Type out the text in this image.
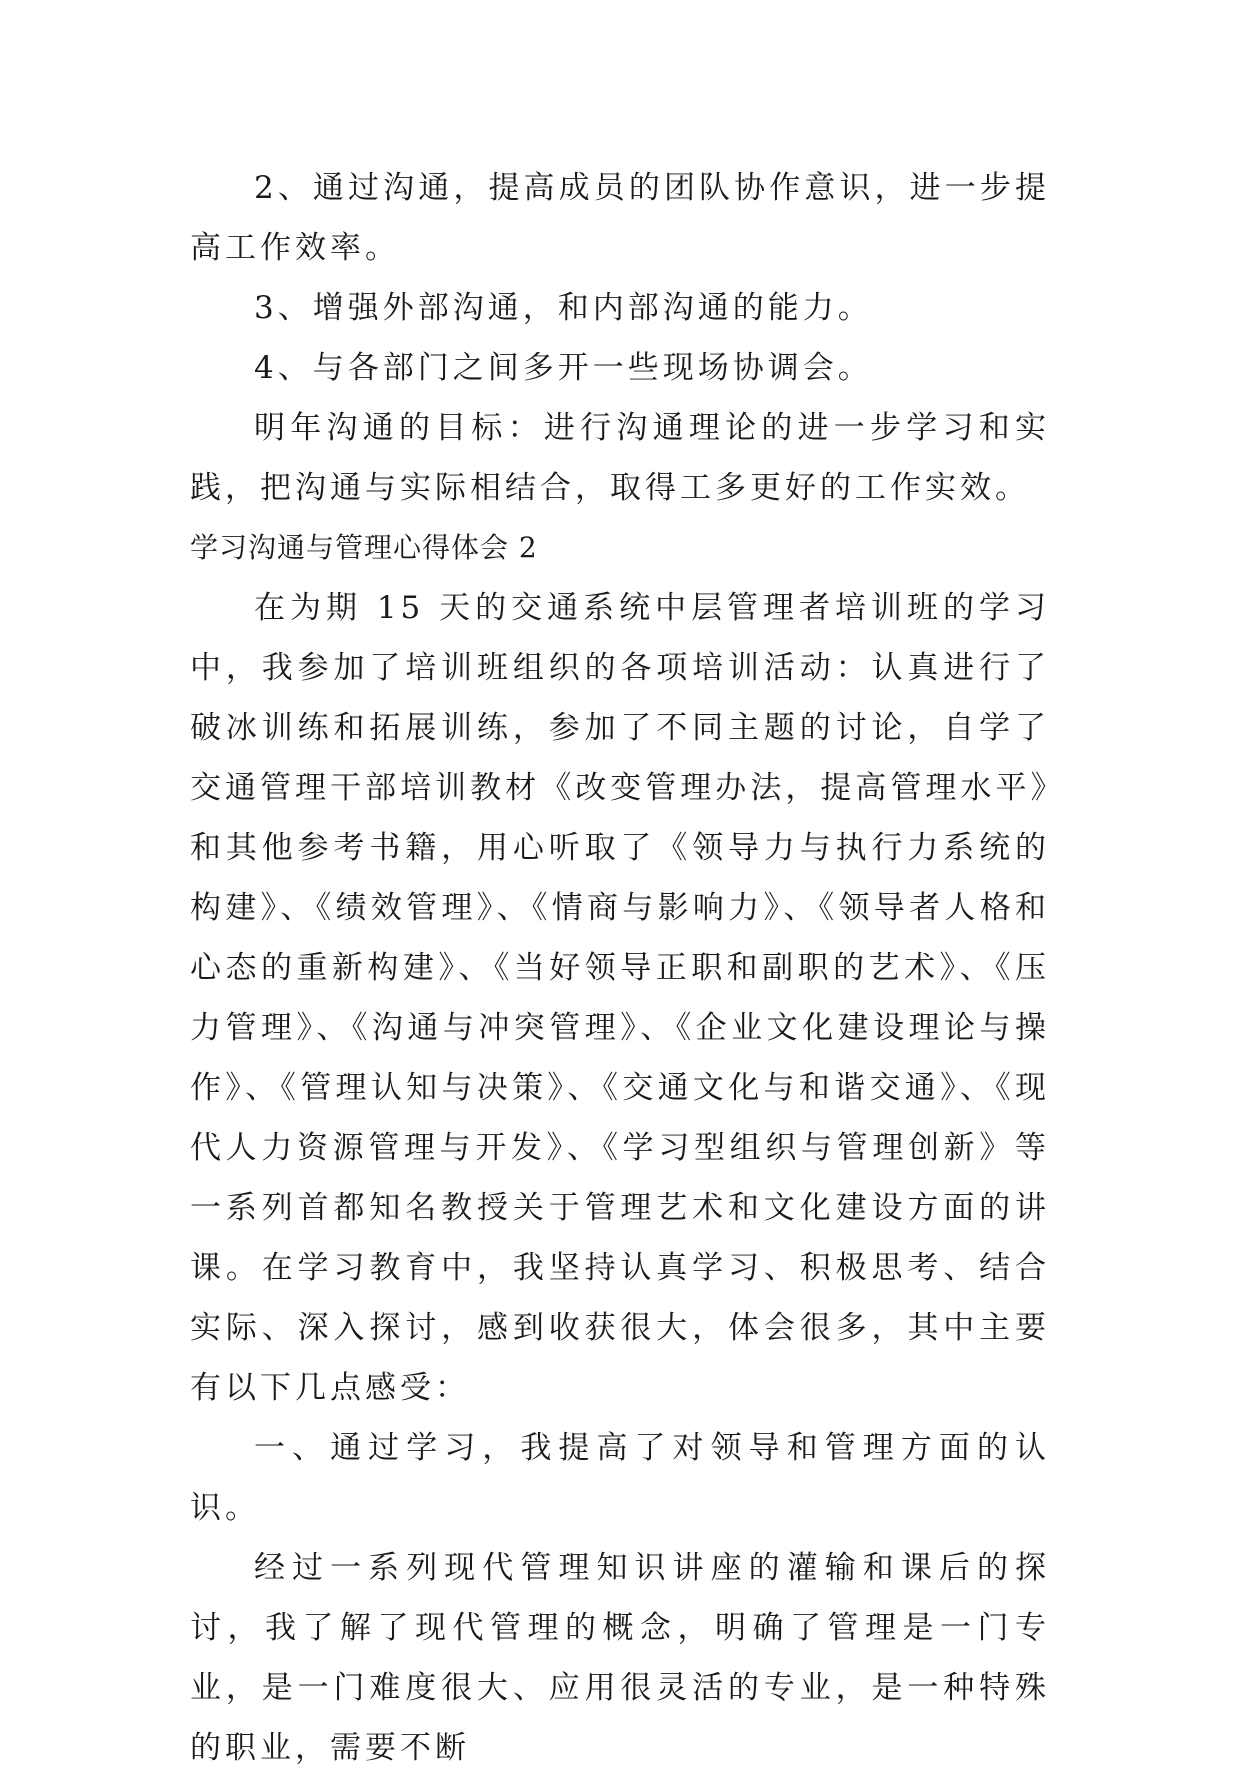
2、通过沟通，提高成员的团队协作意识，进一步提高工作效率。

3、增强外部沟通，和内部沟通的能力。

4、与各部门之间多开一些现场协调会。

明年沟通的目标：进行沟通理论的进一步学习和实践，把沟通与实际相结合，取得工多更好的工作实效。

学习沟通与管理心得体会 2

在为期 15 天的交通系统中层管理者培训班的学习中，我参加了培训班组织的各项培训活动：认真进行了破冰训练和拓展训练，参加了不同主题的讨论，自学了交通管理干部培训教材《改变管理办法，提高管理水平》和其他参考书籍，用心听取了《领导力与执行力系统的构建》、《绩效管理》、《情商与影响力》、《领导者人格和心态的重新构建》、《当好领导正职和副职的艺术》、《压力管理》、《沟通与冲突管理》、《企业文化建设理论与操作》、《管理认知与决策》、《交通文化与和谐交通》、《现代人力资源管理与开发》、《学习型组织与管理创新》等一系列首都知名教授关于管理艺术和文化建设方面的讲课。在学习教育中，我坚持认真学习、积极思考、结合实际、深入探讨，感到收获很大，体会很多，其中主要有以下几点感受：

一、通过学习，我提高了对领导和管理方面的认识。

经过一系列现代管理知识讲座的灌输和课后的探讨，我了解了现代管理的概念，明确了管理是一门专业，是一门难度很大、应用很灵活的专业，是一种特殊的职业，需要不断
